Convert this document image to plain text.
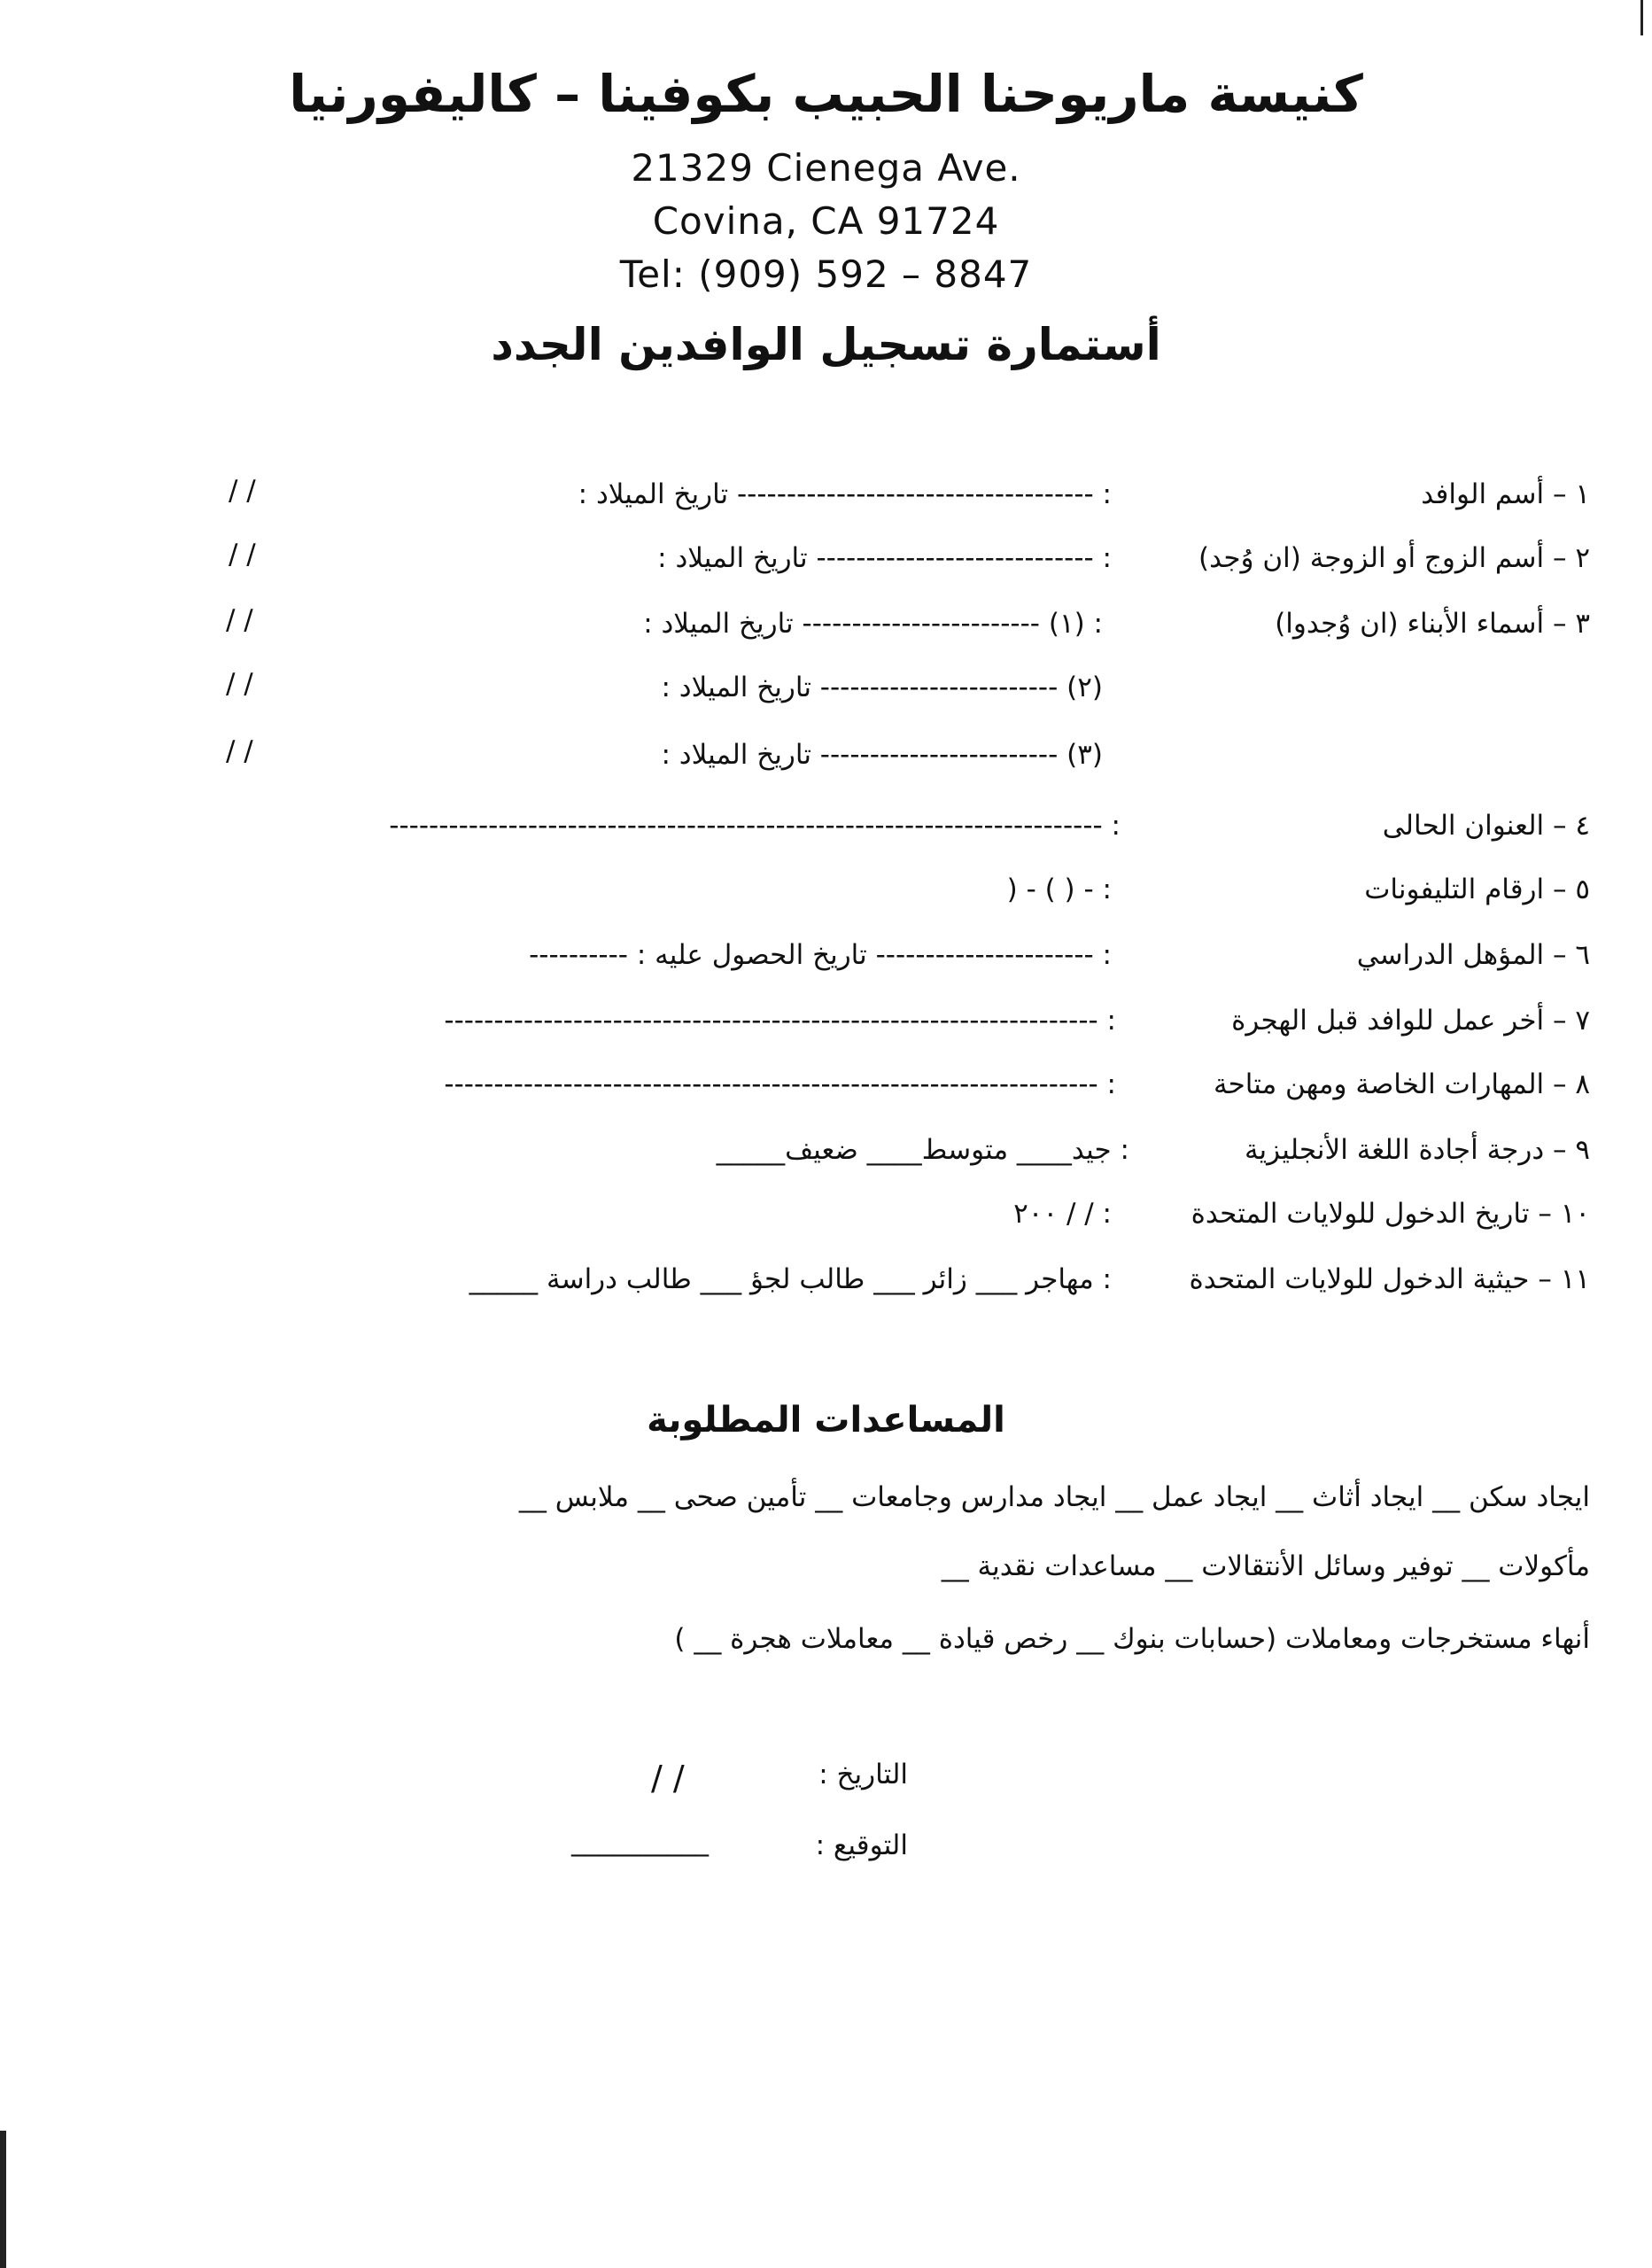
كنيسة ماريوحنا الحبيب بكوفينا – كاليفورنيا
21329 Cienega Ave.
Covina, CA 91724
Tel: (909) 592 – 8847
أستمارة تسجيل الوافدين الجدد
١ – أسم الوافد
: ------------------------------------ تاريخ الميلاد :
/ /
٢ – أسم الزوج أو الزوجة (ان وُجد)
: ---------------------------- تاريخ الميلاد :
/ /
٣ – أسماء الأبناء (ان وُجدوا)
: (١) ------------------------ تاريخ الميلاد :
/ /
(٢) ------------------------ تاريخ الميلاد :
/ /
(٣) ------------------------ تاريخ الميلاد :
/ /
٤ – العنوان الحالى
: ------------------------------------------------------------------------
٥ – ارقام التليفونات
: - ( ) - (
٦ – المؤهل الدراسي
: ---------------------- تاريخ الحصول عليه : ----------
٧ – أخر عمل للوافد قبل الهجرة
: ------------------------------------------------------------------
٨ – المهارات الخاصة ومهن متاحة
: ------------------------------------------------------------------
٩ – درجة أجادة اللغة الأنجليزية
: جيد____ متوسط____ ضعيف_____
١٠ – تاريخ الدخول للولايات المتحدة
: / / ٢٠٠
١١ – حيثية الدخول للولايات المتحدة
: مهاجر ___ زائر ___ طالب لجؤ ___ طالب دراسة _____
المساعدات المطلوبة
ايجاد سكن __ ايجاد أثاث __ ايجاد عمل __ ايجاد مدارس وجامعات __ تأمين صحى __ ملابس __
مأكولات __ توفير وسائل الأنتقالات __ مساعدات نقدية __
أنهاء مستخرجات ومعاملات (حسابات بنوك __ رخص قيادة __ معاملات هجرة __ )
التاريخ :
/ /
التوقيع :
__________
